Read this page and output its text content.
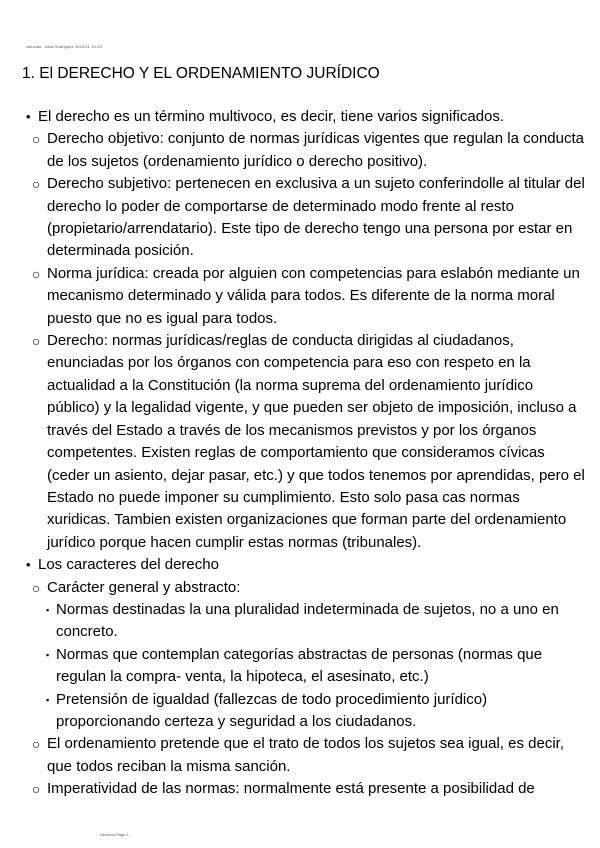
ciencias · Alba Rodriguez 2020/21 19-20
1. El DERECHO Y EL ORDENAMIENTO JURÍDICO
• El derecho es un término multivoco, es decir, tiene varios significados.
○ Derecho objetivo: conjunto de normas jurídicas vigentes que regulan la conducta de los sujetos (ordenamiento jurídico o derecho positivo).
○ Derecho subjetivo: pertenecen en exclusiva a un sujeto conferindolle al titular del derecho lo poder de comportarse de determinado modo frente al resto (propietario/arrendatario). Este tipo de derecho tengo una persona por estar en determinada posición.
○ Norma jurídica: creada por alguien con competencias para eslabón mediante un mecanismo determinado y válida para todos. Es diferente de la norma moral puesto que no es igual para todos.
○ Derecho: normas jurídicas/reglas de conducta dirigidas al ciudadanos, enunciadas por los órganos con competencia para eso con respeto en la actualidad a la Constitución (la norma suprema del ordenamiento jurídico público) y la legalidad vigente, y que pueden ser objeto de imposición, incluso a través del Estado a través de los mecanismos previstos y por los órganos competentes. Existen reglas de comportamiento que consideramos cívicas (ceder un asiento, dejar pasar, etc.) y que todos tenemos por aprendidas, pero el Estado no puede imponer su cumplimiento. Esto solo pasa cas normas xuridicas. Tambien existen organizaciones que forman parte del ordenamiento jurídico porque hacen cumplir estas normas (tribunales).
• Los caracteres del derecho
○ Carácter general y abstracto:
▪ Normas destinadas la una pluralidad indeterminada de sujetos, no a uno en concreto.
▪ Normas que contemplan categorías abstractas de personas (normas que regulan la compra- venta, la hipoteca, el asesinato, etc.)
▪ Pretensión de igualdad (fallezcas de todo procedimiento jurídico) proporcionando certeza y seguridad a los ciudadanos.
○ El ordenamiento pretende que el trato de todos los sujetos sea igual, es decir, que todos reciban la misma sanción.
○ Imperatividad de las normas: normalmente está presente a posibilidad de
Derecho Page 1
